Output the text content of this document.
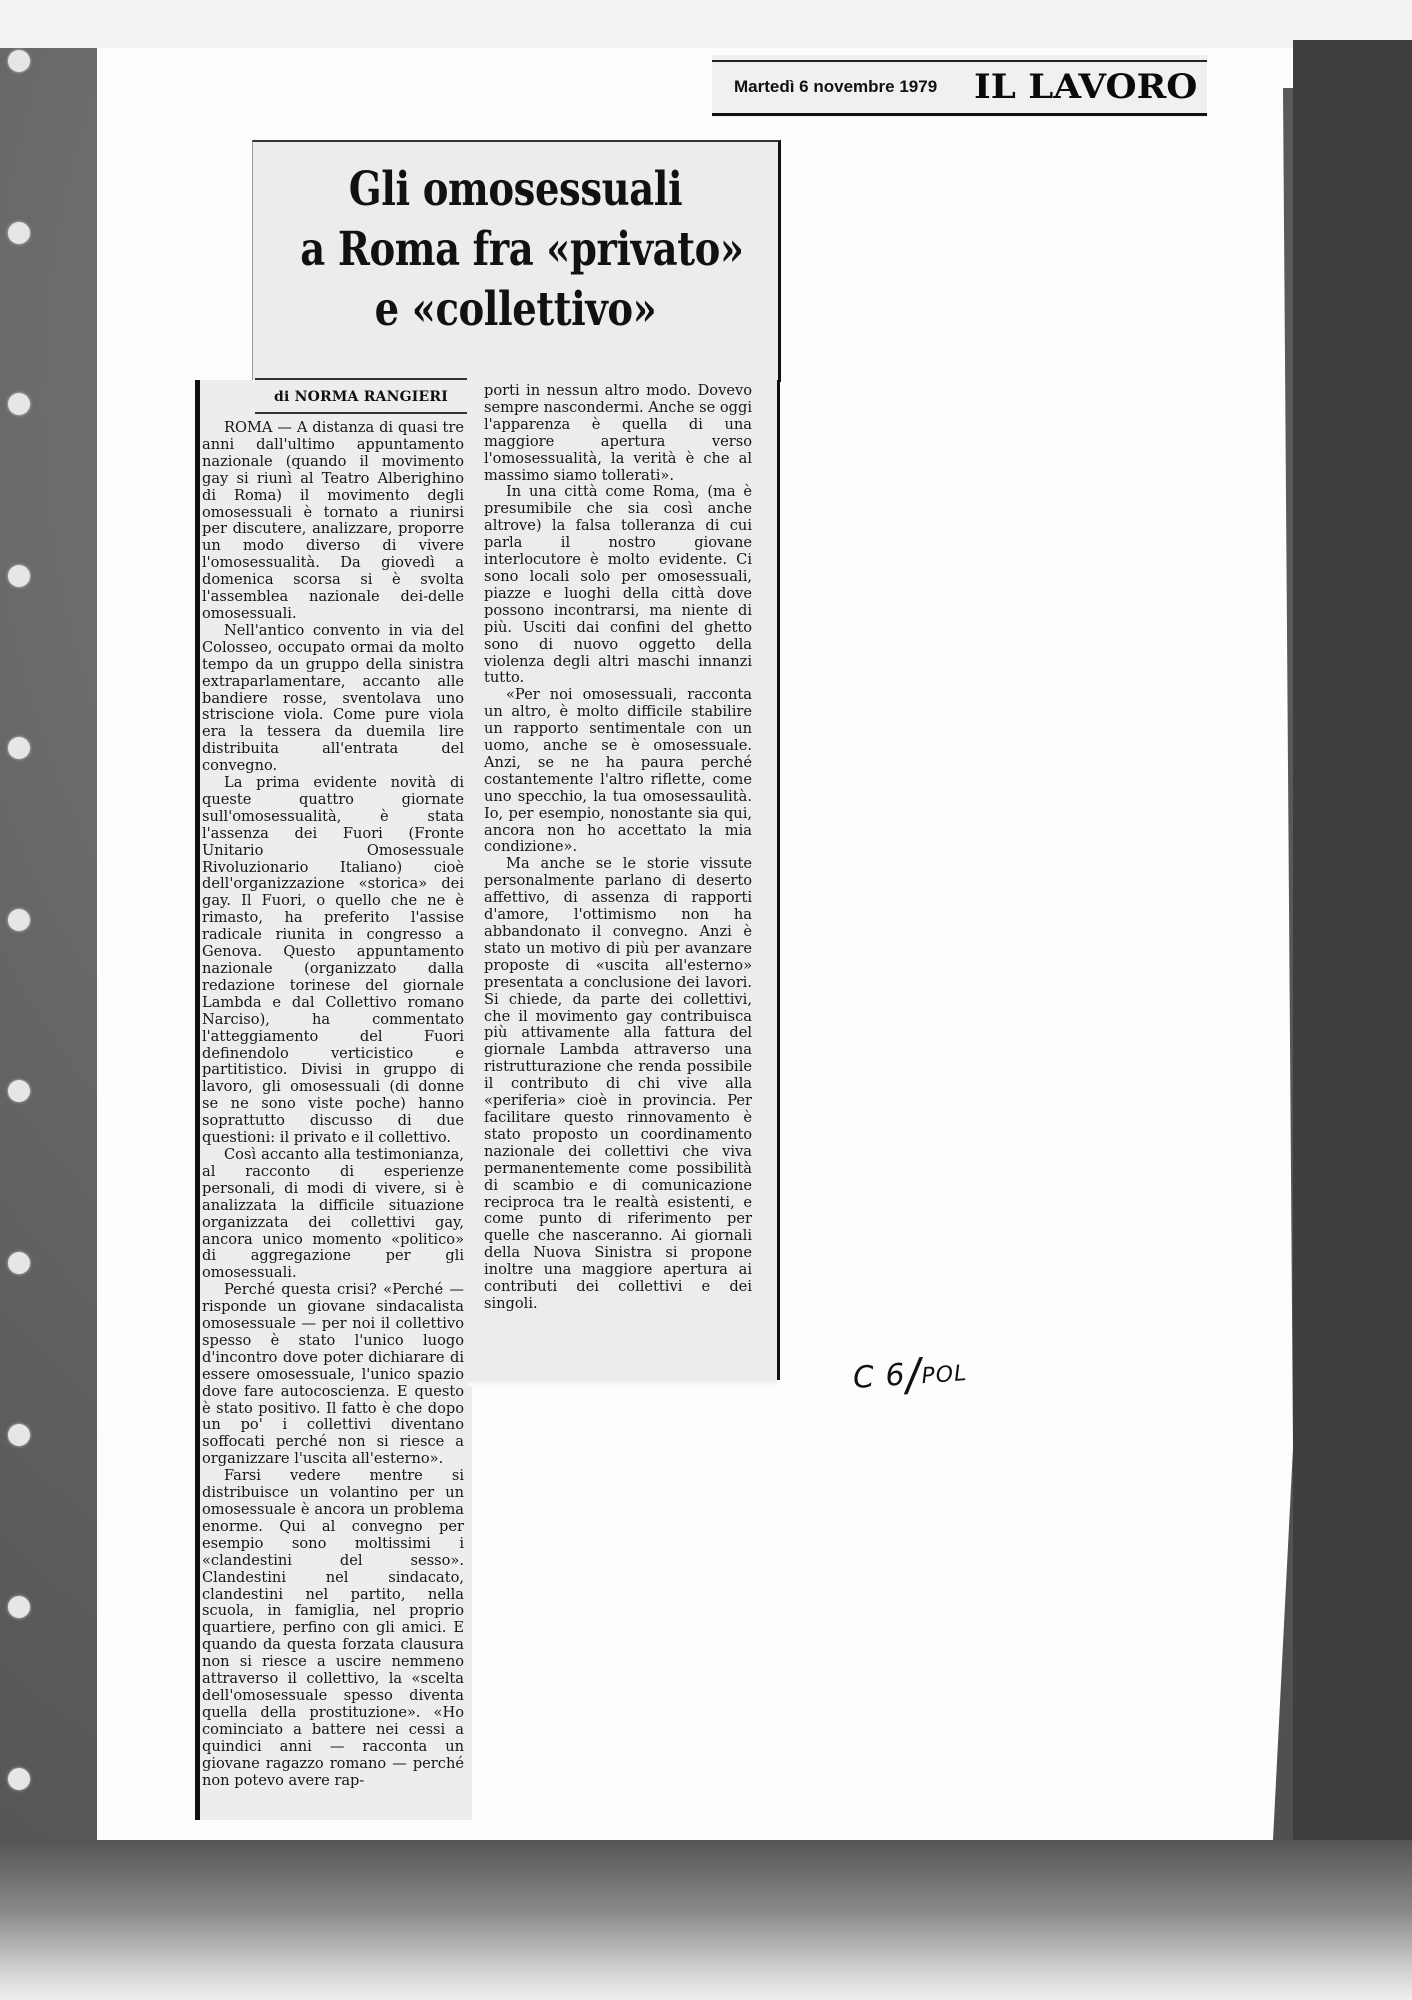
Martedì 6 novembre 1979 IL LAVORO
Gli omosessuali
a Roma fra «privato»
e «collettivo»
di NORMA RANGIERI

ROMA — A distanza di quasi tre anni dall'ultimo appuntamento nazionale (quando il movimento gay si riunì al Teatro Alberighino di Roma) il movimento degli omosessuali è tornato a riunirsi per discutere, analizzare, proporre un modo diverso di vivere l'omosessualità. Da giovedì a domenica scorsa si è svolta l'assemblea nazionale dei-delle omosessuali.

Nell'antico convento in via del Colosseo, occupato ormai da molto tempo da un gruppo della sinistra extraparlamentare, accanto alle bandiere rosse, sventolava uno striscione viola. Come pure viola era la tessera da duemila lire distribuita all'entrata del convegno.

La prima evidente novità di queste quattro giornate sull'omosessualità, è stata l'assenza dei Fuori (Fronte Unitario Omosessuale Rivoluzionario Italiano) cioè dell'organizzazione «storica» dei gay. Il Fuori, o quello che ne è rimasto, ha preferito l'assise radicale riunita in congresso a Genova. Questo appuntamento nazionale (organizzato dalla redazione torinese del giornale Lambda e dal Collettivo romano Narciso), ha commentato l'atteggiamento del Fuori definendolo verticistico e partitistico. Divisi in gruppo di lavoro, gli omosessuali (di donne se ne sono viste poche) hanno soprattutto discusso di due questioni: il privato e il collettivo.

Così accanto alla testimonianza, al racconto di esperienze personali, di modi di vivere, si è analizzata la difficile situazione organizzata dei collettivi gay, ancora unico momento «politico» di aggregazione per gli omosessuali.

Perché questa crisi? «Perché — risponde un giovane sindacalista omosessuale — per noi il collettivo spesso è stato l'unico luogo d'incontro dove poter dichiarare di essere omosessuale, l'unico spazio dove fare autocoscienza. E questo è stato positivo. Il fatto è che dopo un po' i collettivi diventano soffocati perché non si riesce a organizzare l'uscita all'esterno».

Farsi vedere mentre si distribuisce un volantino per un omosessuale è ancora un problema enorme. Qui al convegno per esempio sono moltissimi i «clandestini del sesso». Clandestini nel sindacato, clandestini nel partito, nella scuola, in famiglia, nel proprio quartiere, perfino con gli amici. E quando da questa forzata clausura non si riesce a uscire nemmeno attraverso il collettivo, la «scelta dell'omosessuale spesso diventa quella della prostituzione». «Ho cominciato a battere nei cessi a quindici anni — racconta un giovane ragazzo romano — perché non potevo avere rap-

porti in nessun altro modo. Dovevo sempre nascondermi. Anche se oggi l'apparenza è quella di una maggiore apertura verso l'omosessualità, la verità è che al massimo siamo tollerati».

In una città come Roma, (ma è presumibile che sia così anche altrove) la falsa tolleranza di cui parla il nostro giovane interlocutore è molto evidente. Ci sono locali solo per omosessuali, piazze e luoghi della città dove possono incontrarsi, ma niente di più. Usciti dai confini del ghetto sono di nuovo oggetto della violenza degli altri maschi innanzi tutto.

«Per noi omosessuali, racconta un altro, è molto difficile stabilire un rapporto sentimentale con un uomo, anche se è omosessuale. Anzi, se ne ha paura perché costantemente l'altro riflette, come uno specchio, la tua omosessaulità. Io, per esempio, nonostante sia qui, ancora non ho accettato la mia condizione».

Ma anche se le storie vissute personalmente parlano di deserto affettivo, di assenza di rapporti d'amore, l'ottimismo non ha abbandonato il convegno. Anzi è stato un motivo di più per avanzare proposte di «uscita all'esterno» presentata a conclusione dei lavori. Si chiede, da parte dei collettivi, che il movimento gay contribuisca più attivamente alla fattura del giornale Lambda attraverso una ristrutturazione che renda possibile il contributo di chi vive alla «periferia» cioè in provincia. Per facilitare questo rinnovamento è stato proposto un coordinamento nazionale dei collettivi che viva permanentemente come possibilità di scambio e di comunicazione reciproca tra le realtà esistenti, e come punto di riferimento per quelle che nasceranno. Ai giornali della Nuova Sinistra si propone inoltre una maggiore apertura ai contributi dei collettivi e dei singoli.

C 6/POL
